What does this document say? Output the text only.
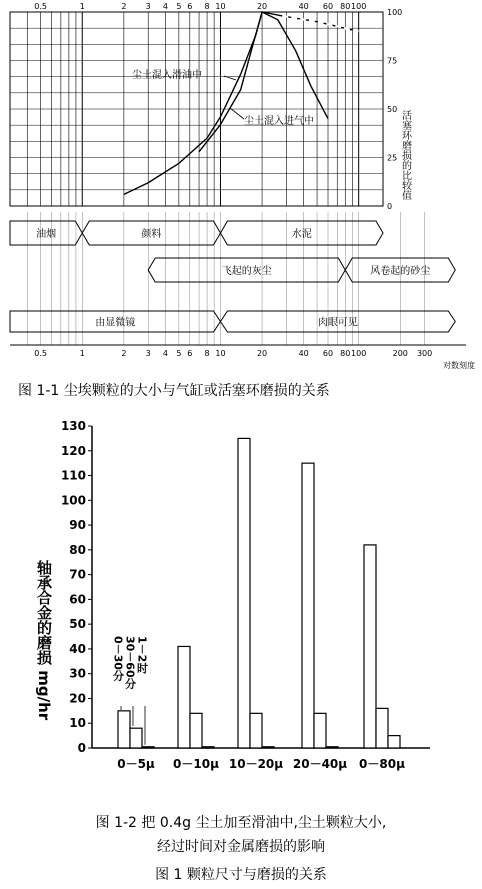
0.5	1	2 3 4 5 6 8 10	20	40 60 80 100
100
75
50
25
0
活塞环磨损的比较值
尘土混入滑油中
尘土混入进气中
油烟	颜料	水泥
飞起的灰尘	风卷起的砂尘
由显微镜	肉眼可见
0.5	1	2 3 4 5 6 8 10	20	40 60 80 100	200 300
对数刻度
图 1-1 尘埃颗粒的大小与气缸或活塞环磨损的关系
0
10
20
30
40
50
60
70
80
90
100
110
120
130
轴承合金的磨损 mg/hr	0－30分 30－60分 1－2时
0－5μ 0－10μ 10－20μ 20－40μ 0－80μ
图 1-2 把 0.4g 尘土加至滑油中,尘土颗粒大小,
经过时间对金属磨损的影响
图 1 颗粒尺寸与磨损的关系
